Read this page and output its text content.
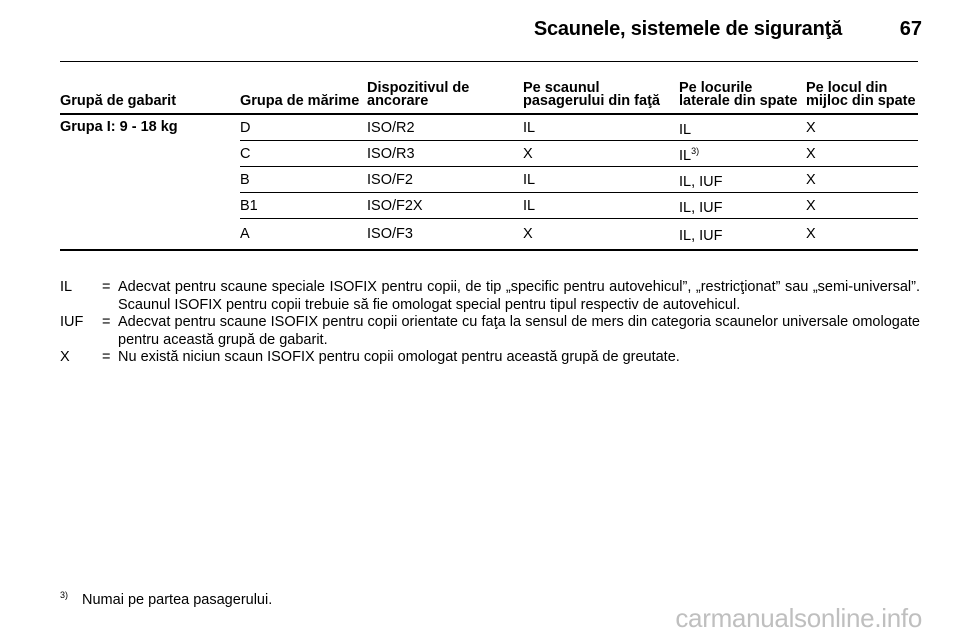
Scaunele, sistemele de siguranţă	67
Grupă de gabarit	Grupa de mărime	Dispozitivul de ancorare	Pe scaunul pasagerului din faţă	Pe locurile laterale din spate	Pe locul din mijloc din spate
Grupa I: 9 - 18 kg	D	ISO/R2	IL	IL	X
	C	ISO/R3	X	IL$^{3)}$	X
	B	ISO/F2	IL	IL, IUF	X
	B1	ISO/F2X	IL	IL, IUF	X
	A	ISO/F3	X	IL, IUF	X
IL	= Adecvat pentru scaune speciale ISOFIX pentru copii, de tip „specific pentru autovehicul”, „restricţionat” sau „semi-universal”. Scaunul ISOFIX pentru copii trebuie să fie omologat special pentru tipul respectiv de autovehicul.
IUF	= Adecvat pentru scaune ISOFIX pentru copii orientate cu faţa la sensul de mers din categoria scaunelor universale omologate pentru această grupă de gabarit.
X	= Nu există niciun scaun ISOFIX pentru copii omologat pentru această grupă de greutate.
$^{3)}$ Numai pe partea pasagerului.
carmanualsonline.info
